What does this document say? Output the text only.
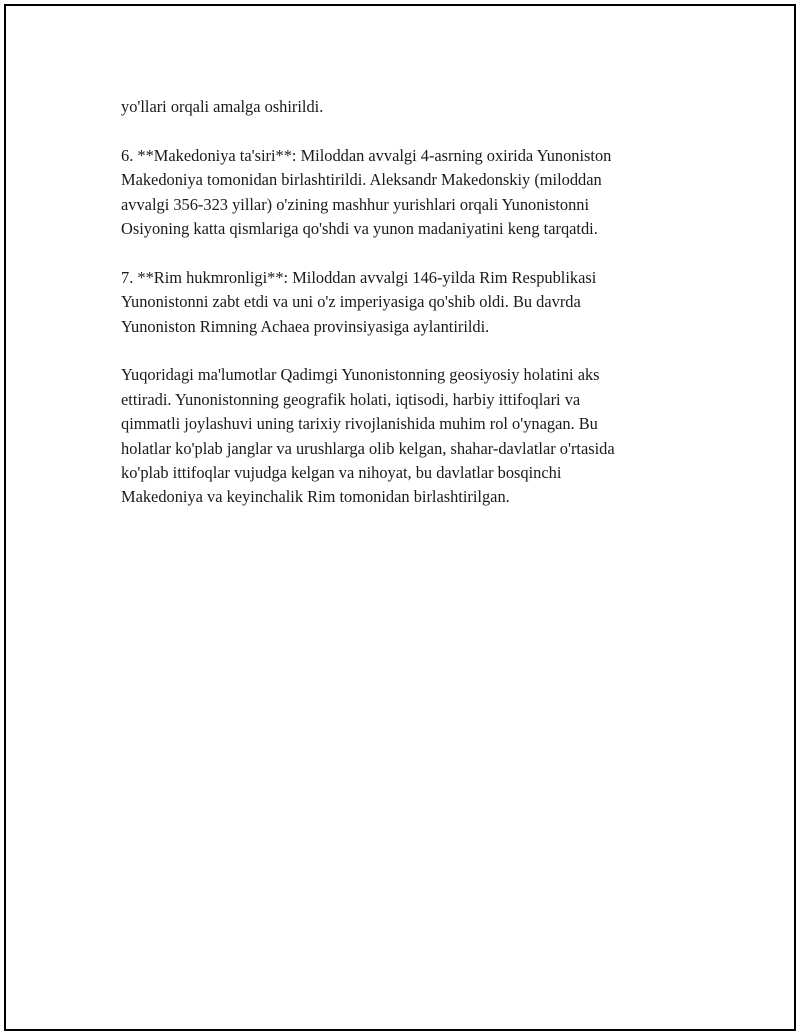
yo'llari orqali amalga oshirildi.

6. **Makedoniya ta'siri**: Miloddan avvalgi 4-asrning oxirida Yunoniston
Makedoniya tomonidan birlashtirildi. Aleksandr Makedonskiy (miloddan
avvalgi 356-323 yillar) o'zining mashhur yurishlari orqali Yunonistonni
Osiyoning katta qismlariga qo'shdi va yunon madaniyatini keng tarqatdi.

7. **Rim hukmronligi**: Miloddan avvalgi 146-yilda Rim Respublikasi
Yunonistonni zabt etdi va uni o'z imperiyasiga qo'shib oldi. Bu davrda
Yunoniston Rimning Achaea provinsiyasiga aylantirildi.

Yuqoridagi ma'lumotlar Qadimgi Yunonistonning geosiyosiy holatini aks
ettiradi. Yunonistonning geografik holati, iqtisodi, harbiy ittifoqlari va
qimmatli joylashuvi uning tarixiy rivojlanishida muhim rol o'ynagan. Bu
holatlar ko'plab janglar va urushlarga olib kelgan, shahar-davlatlar o'rtasida
ko'plab ittifoqlar vujudga kelgan va nihoyat, bu davlatlar bosqinchi
Makedoniya va keyinchalik Rim tomonidan birlashtirilgan.
